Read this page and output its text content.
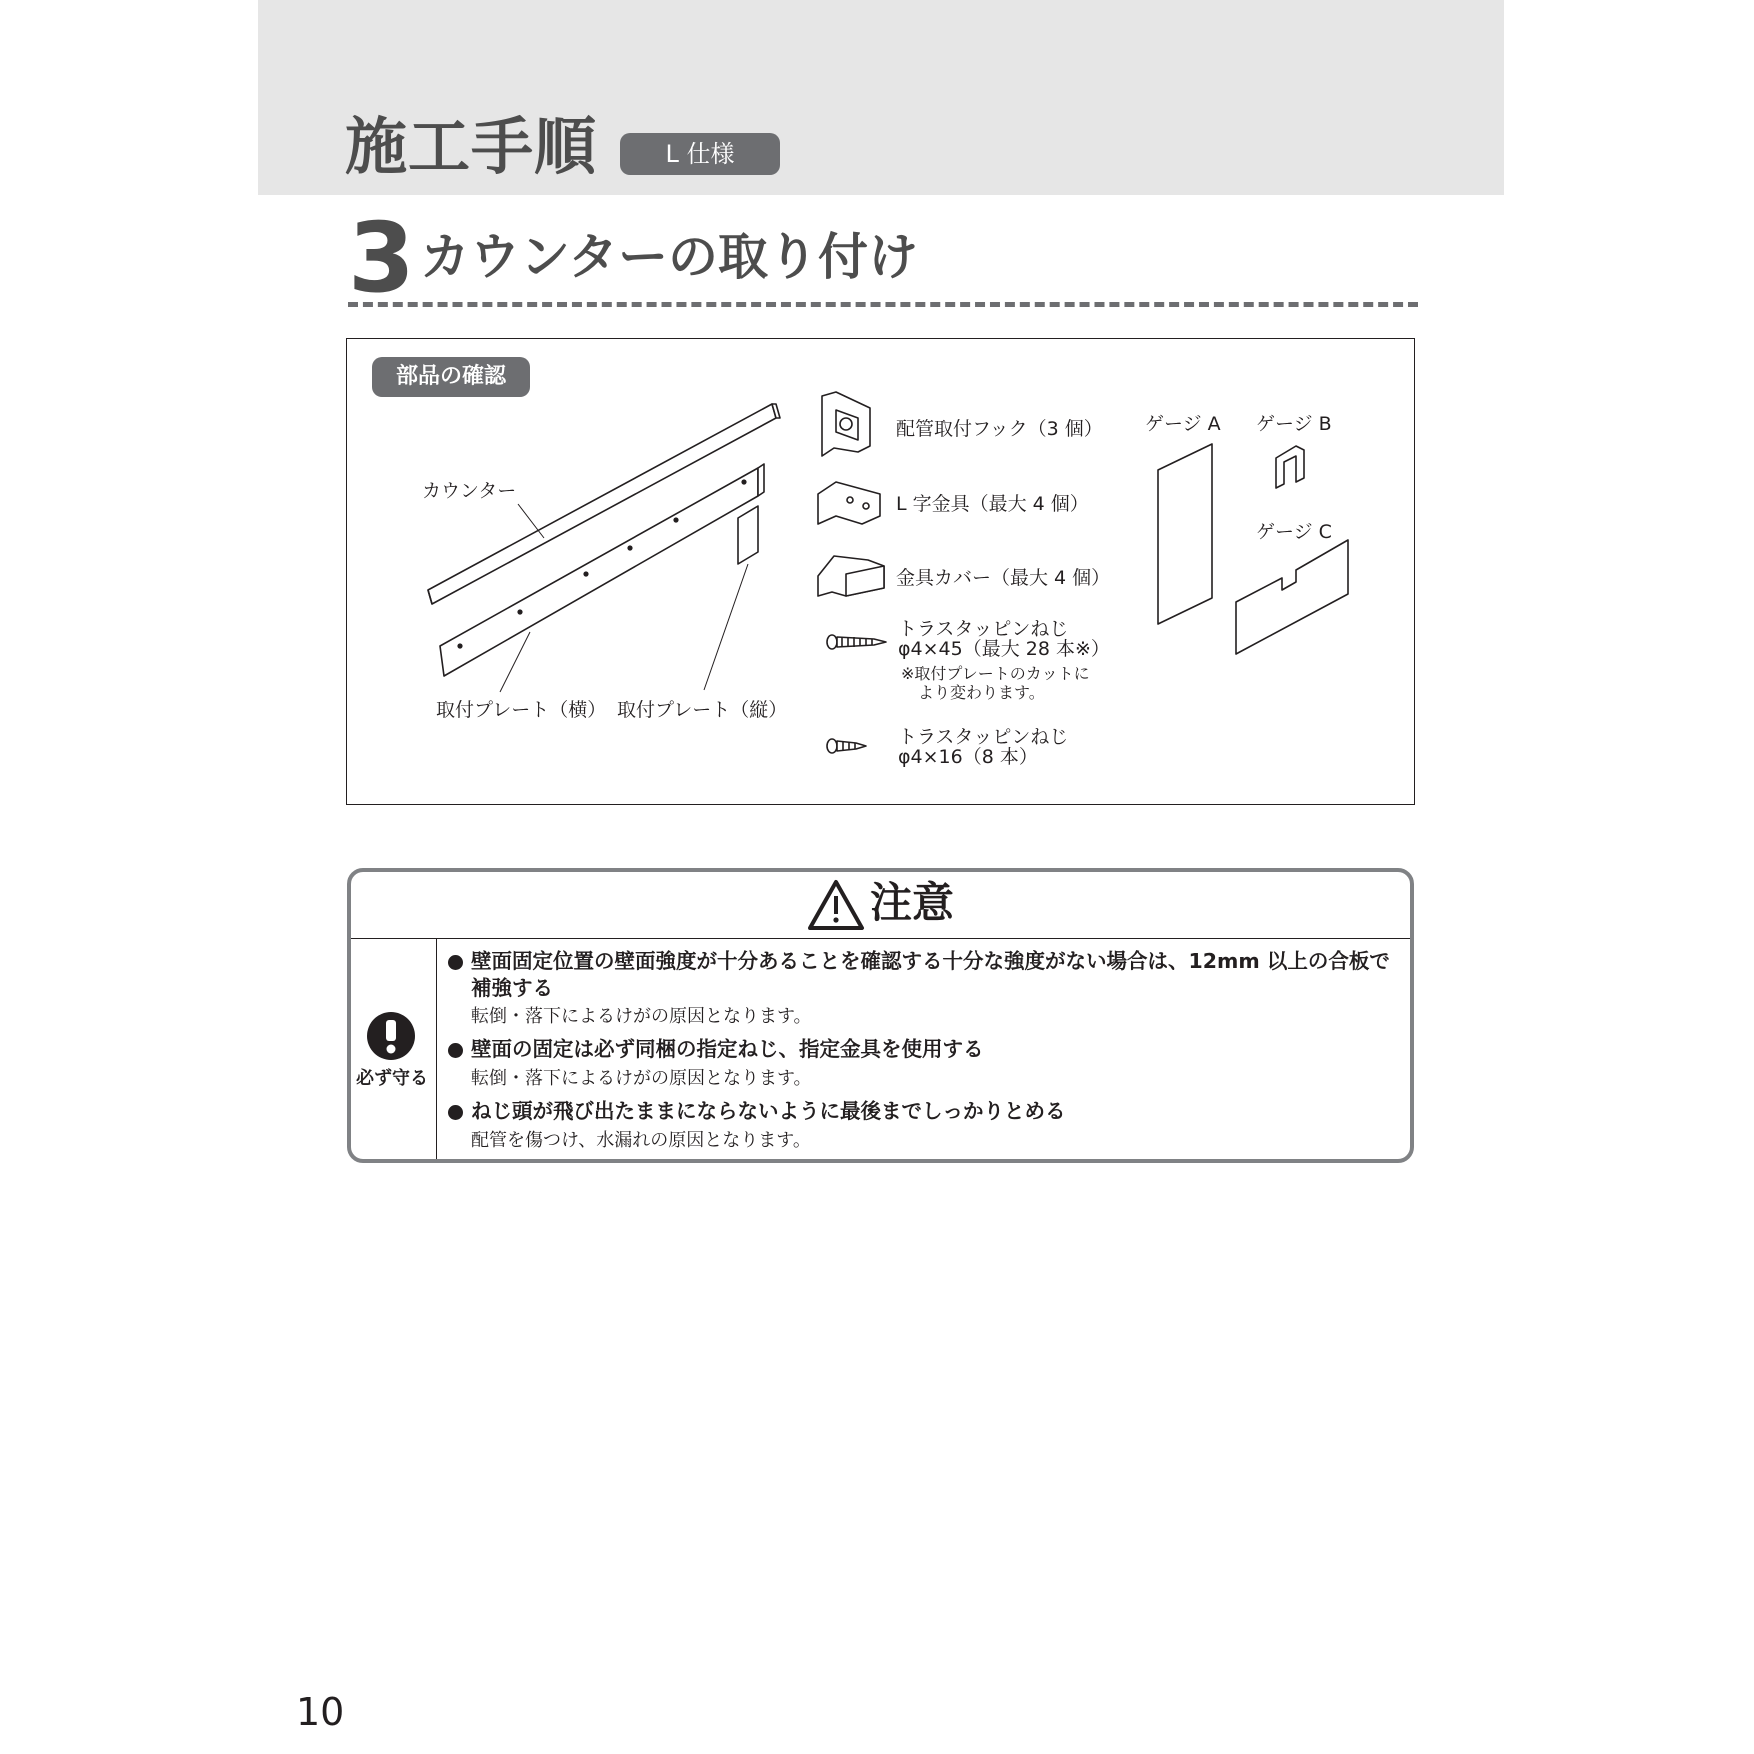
施工手順	L 仕様
3 カウンターの取り付け
部品の確認
カウンター
取付プレート（横） 取付プレート（縦）
配管取付フック（3 個）
L 字金具（最大 4 個）
金具カバー（最大 4 個）
トラスタッピンねじ
φ4×45（最大 28 本※）
※取付プレートのカットに
より変わります。
トラスタッピンねじ
φ4×16（8 本）
ゲージ A ゲージ B
ゲージ C
注意
必ず守る
壁面固定位置の壁面強度が十分あることを確認する十分な強度がない場合は、12mm 以上の合板で補強する
転倒・落下によるけがの原因となります。
壁面の固定は必ず同梱の指定ねじ、指定金具を使用する
転倒・落下によるけがの原因となります。
ねじ頭が飛び出たままにならないように最後までしっかりとめる
配管を傷つけ、水漏れの原因となります。
10
